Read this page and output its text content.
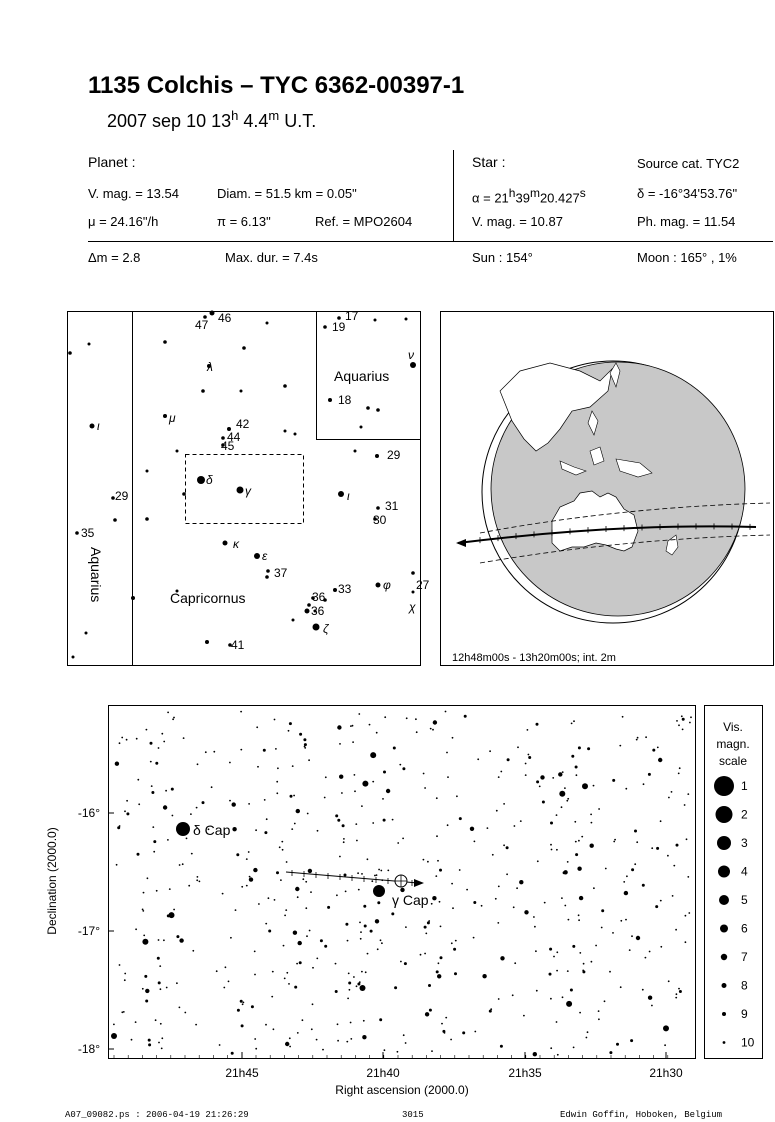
1135 Colchis – TYC 6362-00397-1
2007 sep 10 13$^h$ 4.4$^m$ U.T.
Planet :
V. mag. = 13.54	Diam. = 51.5 km = 0.05"
μ = 24.16"/h	π = 6.13"	Ref. = MPO2604
Star :	Source cat. TYC2
$\alpha = 21^h39^m20.427^s$	δ = -16°34'53.76"
V. mag. = 10.87	Ph. mag. = 11.54
Δm = 2.8	Max. dur. = 7.4s	Sun : 154°	Moon : 165° , 1%
Aquarius
Capricornus
Aquarius
47 46	17
19
42
44
45
18
29
29
31
30
35
37
33	27
36
36
41
ν
λ
μ
ι
δ
γ	ι
κ
ε
φ
χ
ζ
12h48m00s - 13h20m00s; int. 2m
δ Cap
γ Cap
21h45	21h40	21h35	21h30
-16°
-17°
-18°
Right ascension (2000.0)
Declination (2000.0)
Vis.
magn.
scale
1
2
3
4
5
6
7
8
9
10
A07_09082.ps : 2006-04-19 21:26:29	3015	Edwin Goffin, Hoboken, Belgium
